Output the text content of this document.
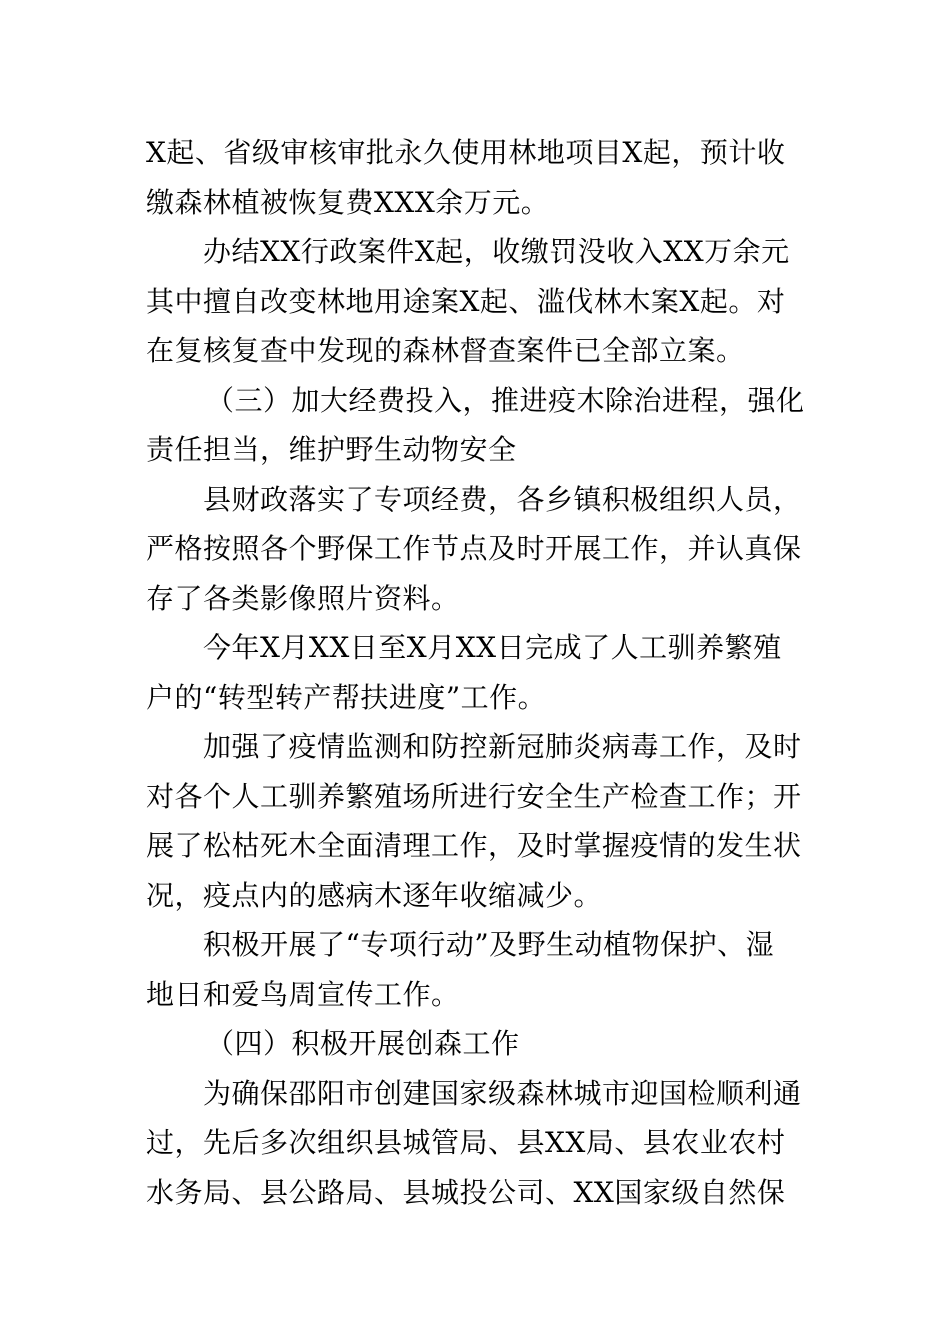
X起、省级审核审批永久使用林地项目X起，预计收
缴森林植被恢复费XXX余万元。
办结XX行政案件X起，收缴罚没收入XX万余元
其中擅自改变林地用途案X起、滥伐林木案X起。对
在复核复查中发现的森林督查案件已全部立案。
（三）加大经费投入，推进疫木除治进程，强化
责任担当，维护野生动物安全
县财政落实了专项经费，各乡镇积极组织人员，
严格按照各个野保工作节点及时开展工作，并认真保
存了各类影像照片资料。
今年X月XX日至X月XX日完成了人工驯养繁殖
户的“转型转产帮扶进度”工作。
加强了疫情监测和防控新冠肺炎病毒工作，及时
对各个人工驯养繁殖场所进行安全生产检查工作；开
展了松枯死木全面清理工作，及时掌握疫情的发生状
况，疫点内的感病木逐年收缩减少。
积极开展了“专项行动”及野生动植物保护、湿
地日和爱鸟周宣传工作。
（四）积极开展创森工作
为确保邵阳市创建国家级森林城市迎国检顺利通
过，先后多次组织县城管局、县XX局、县农业农村
水务局、县公路局、县城投公司、XX国家级自然保
